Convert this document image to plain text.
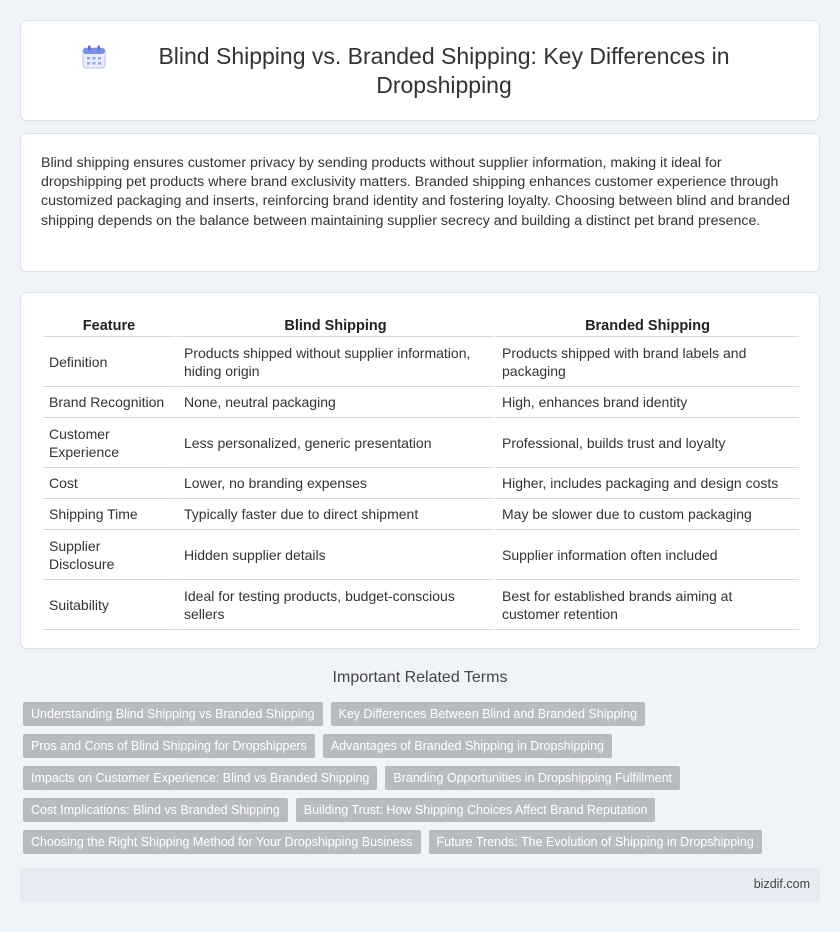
Blind Shipping vs. Branded Shipping: Key Differences in Dropshipping

Blind shipping ensures customer privacy by sending products without supplier information, making it ideal for dropshipping pet products where brand exclusivity matters. Branded shipping enhances customer experience through customized packaging and inserts, reinforcing brand identity and fostering loyalty. Choosing between blind and branded shipping depends on the balance between maintaining supplier secrecy and building a distinct pet brand presence.

Feature	Blind Shipping	Branded Shipping
Definition	Products shipped without supplier information, hiding origin	Products shipped with brand labels and packaging
Brand Recognition	None, neutral packaging	High, enhances brand identity
Customer Experience	Less personalized, generic presentation	Professional, builds trust and loyalty
Cost	Lower, no branding expenses	Higher, includes packaging and design costs
Shipping Time	Typically faster due to direct shipment	May be slower due to custom packaging
Supplier Disclosure	Hidden supplier details	Supplier information often included
Suitability	Ideal for testing products, budget-conscious sellers	Best for established brands aiming at customer retention
Important Related Terms
Understanding Blind Shipping vs Branded Shipping	Key Differences Between Blind and Branded Shipping
Pros and Cons of Blind Shipping for Dropshippers	Advantages of Branded Shipping in Dropshipping
Impacts on Customer Experience: Blind vs Branded Shipping	Branding Opportunities in Dropshipping Fulfillment
Cost Implications: Blind vs Branded Shipping	Building Trust: How Shipping Choices Affect Brand Reputation
Choosing the Right Shipping Method for Your Dropshipping Business	Future Trends: The Evolution of Shipping in Dropshipping
bizdif.com
